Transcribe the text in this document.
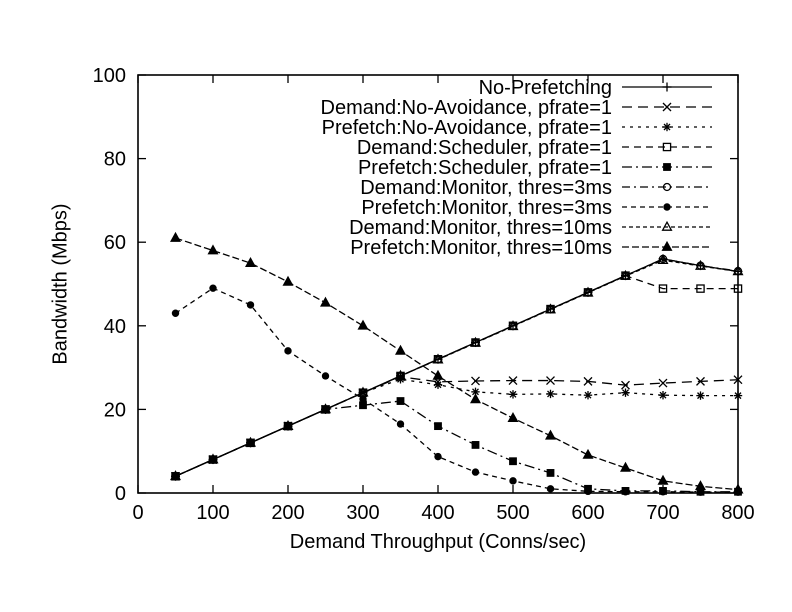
0	100 200 300 400 500 600 700 800
0
20
40
60
80
100
No-Prefetching
Demand:No-Avoidance, pfrate=1
Prefetch:No-Avoidance, pfrate=1
Demand:Scheduler, pfrate=1
Prefetch:Scheduler, pfrate=1
Demand:Monitor, thres=3ms
Prefetch:Monitor, thres=3ms
Demand:Monitor, thres=10ms
Prefetch:Monitor, thres=10ms
Demand Throughput (Conns/sec)
Bandwidth (Mbps)
